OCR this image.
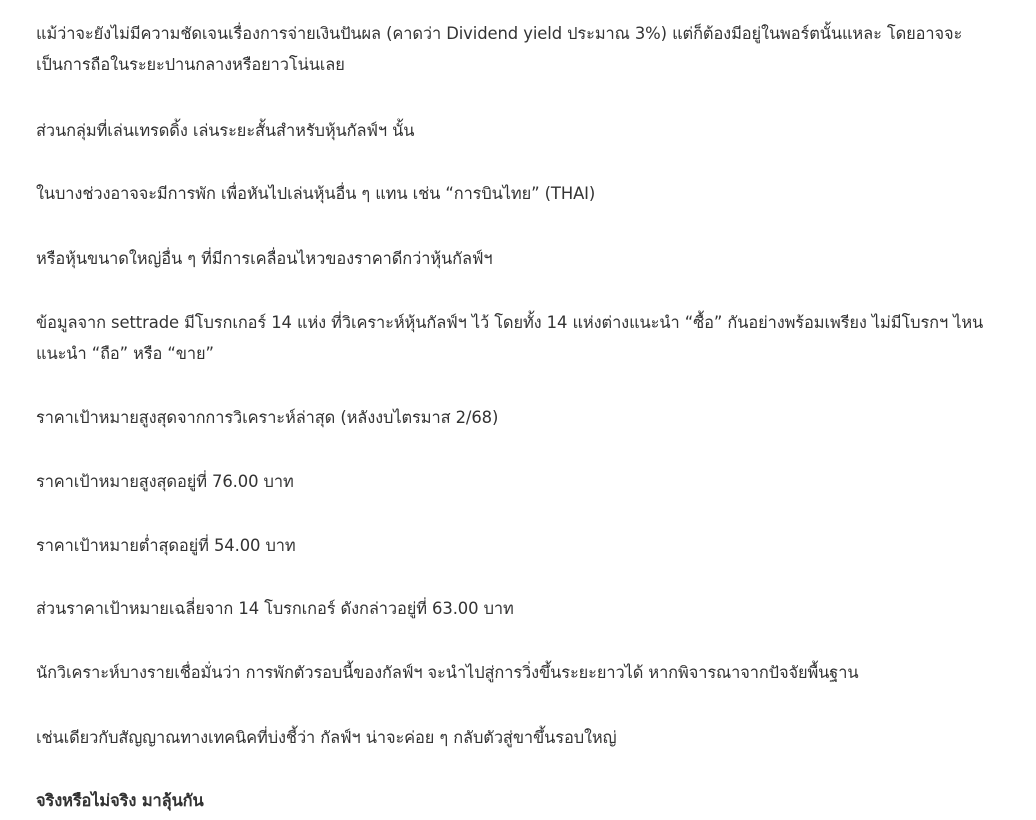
แม้ว่าจะยังไม่มีความชัดเจนเรื่องการจ่ายเงินปันผล (คาดว่า Dividend yield ประมาณ 3%) แต่ก็ต้องมีอยู่ในพอร์ตนั้นแหละ โดยอาจจะเป็นการถือในระยะปานกลางหรือยาวโน่นเลย

ส่วนกลุ่มที่เล่นเทรดดิ้ง เล่นระยะสั้นสำหรับหุ้นกัลฟ์ฯ นั้น

ในบางช่วงอาจจะมีการพัก เพื่อหันไปเล่นหุ้นอื่น ๆ แทน เช่น “การบินไทย” (THAI)

หรือหุ้นขนาดใหญ่อื่น ๆ ที่มีการเคลื่อนไหวของราคาดีกว่าหุ้นกัลฟ์ฯ

ข้อมูลจาก settrade มีโบรกเกอร์ 14 แห่ง ที่วิเคราะห์หุ้นกัลฟ์ฯ ไว้ โดยทั้ง 14 แห่งต่างแนะนำ “ซื้อ” กันอย่างพร้อมเพรียง ไม่มีโบรกฯ ไหนแนะนำ “ถือ” หรือ “ขาย”

ราคาเป้าหมายสูงสุดจากการวิเคราะห์ล่าสุด (หลังงบไตรมาส 2/68)

ราคาเป้าหมายสูงสุดอยู่ที่ 76.00 บาท

ราคาเป้าหมายต่ำสุดอยู่ที่ 54.00 บาท

ส่วนราคาเป้าหมายเฉลี่ยจาก 14 โบรกเกอร์ ดังกล่าวอยู่ที่ 63.00 บาท

นักวิเคราะห์บางรายเชื่อมั่นว่า การพักตัวรอบนี้ของกัลฟ์ฯ จะนำไปสู่การวิ่งขึ้นระยะยาวได้ หากพิจารณาจากปัจจัยพื้นฐาน

เช่นเดียวกับสัญญาณทางเทคนิคที่บ่งชี้ว่า กัลฟ์ฯ น่าจะค่อย ๆ กลับตัวสู่ขาขึ้นรอบใหญ่

จริงหรือไม่จริง มาลุ้นกัน
